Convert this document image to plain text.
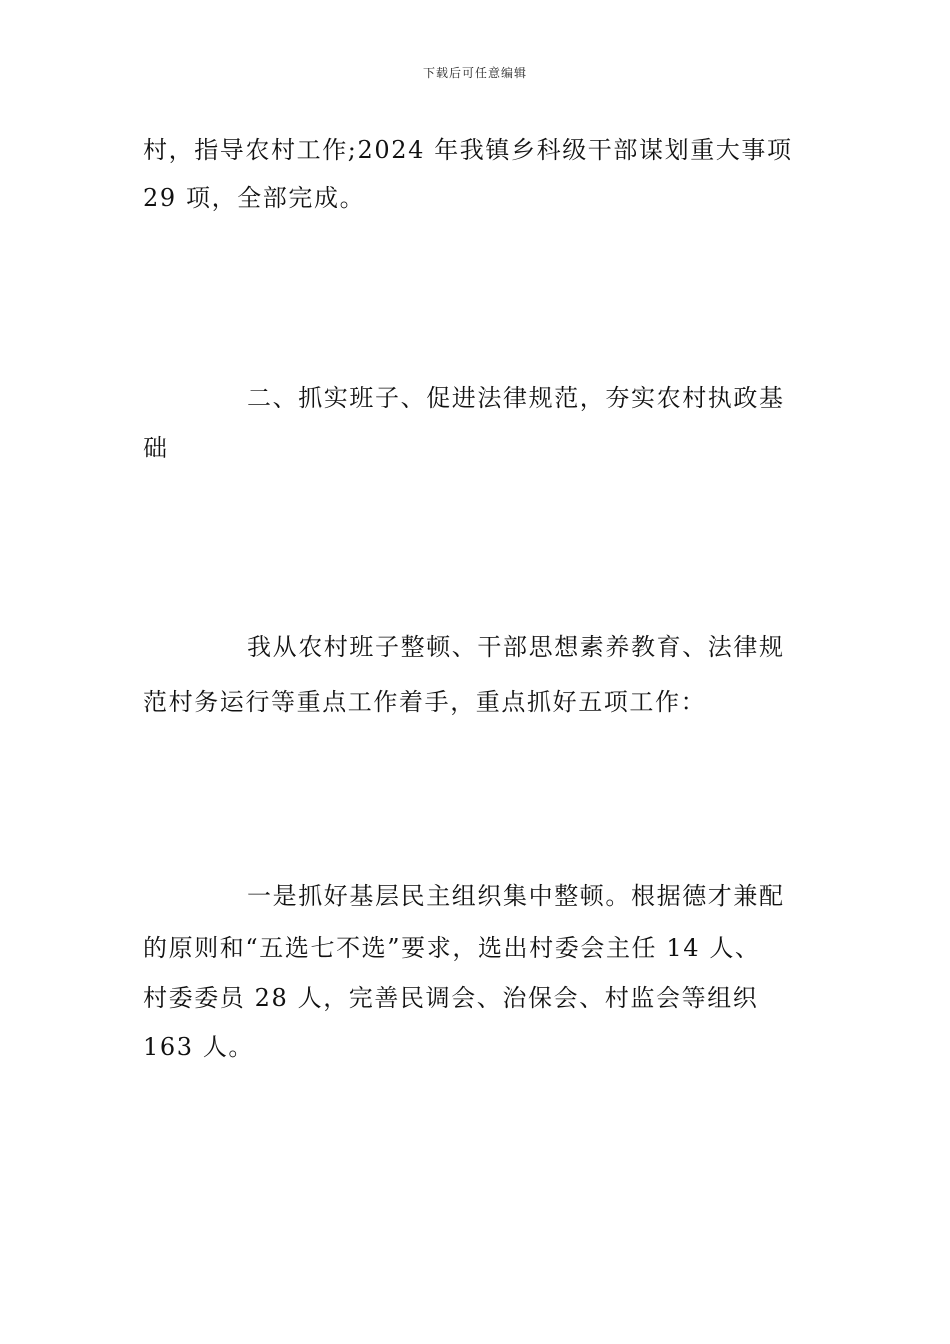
下载后可任意编辑
村，指导农村工作;2024 年我镇乡科级干部谋划重大事项
29 项，全部完成。
二、抓实班子、促进法律规范，夯实农村执政基
础
我从农村班子整顿、干部思想素养教育、法律规
范村务运行等重点工作着手，重点抓好五项工作：
一是抓好基层民主组织集中整顿。根据德才兼配
的原则和“五选七不选”要求，选出村委会主任 14 人、
村委委员 28 人，完善民调会、治保会、村监会等组织
163 人。
